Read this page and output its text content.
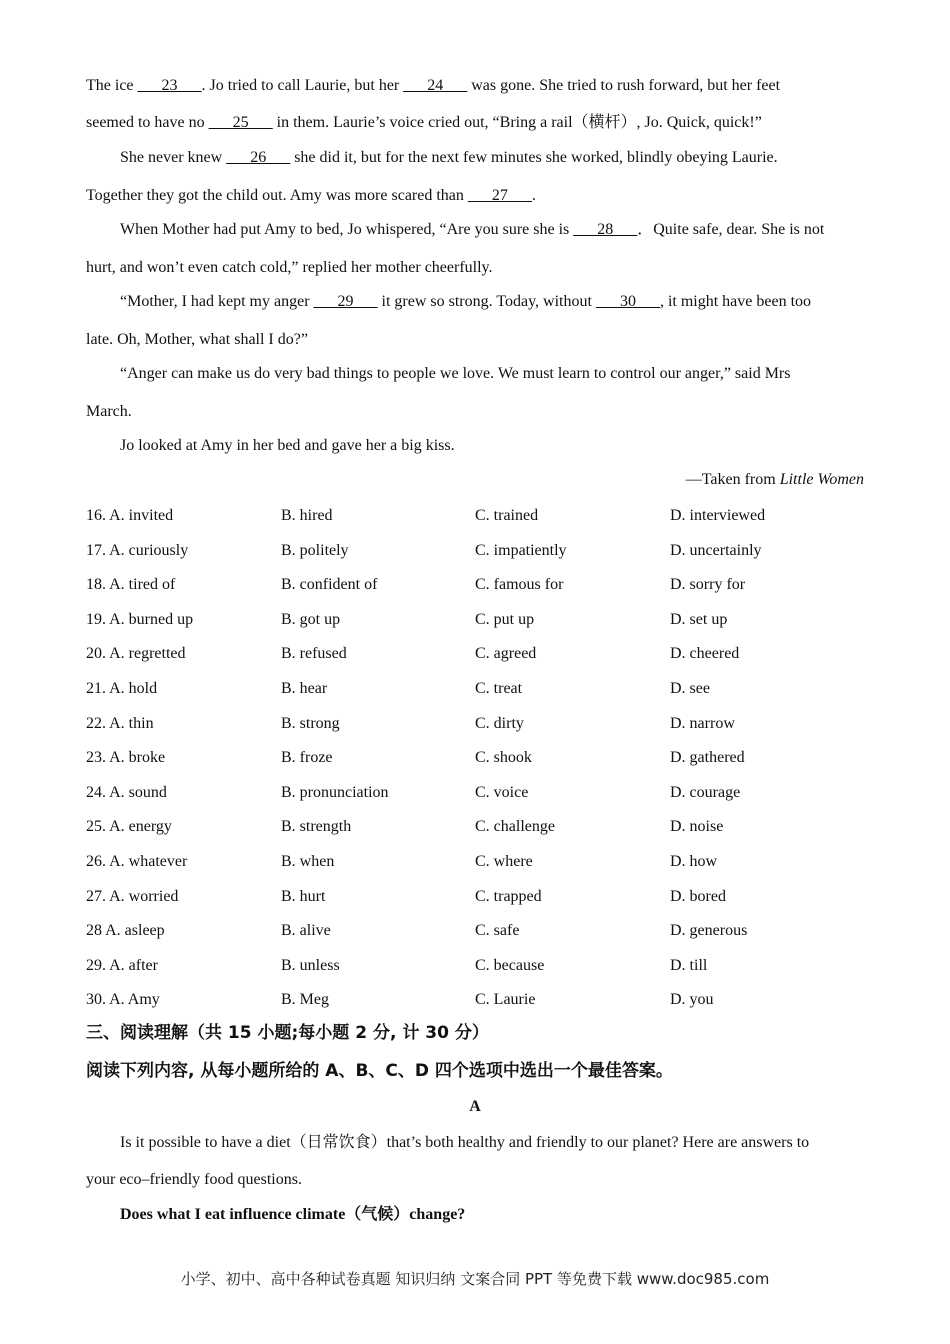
The ice ___23___. Jo tried to call Laurie, but her ___24___ was gone. She tried to rush forward, but her feet
seemed to have no ___25___ in them. Laurie’s voice cried out, “Bring a rail（横杆）, Jo. Quick, quick!”
She never knew ___26___ she did it, but for the next few minutes she worked, blindly obeying Laurie.
Together they got the child out. Amy was more scared than ___27___.
When Mother had put Amy to bed, Jo whispered, “Are you sure she is ___28___．Quite safe, dear. She is not
hurt, and won’t even catch cold,” replied her mother cheerfully.
“Mother, I had kept my anger ___29___ it grew so strong. Today, without ___30___, it might have been too
late. Oh, Mother, what shall I do?”
“Anger can make us do very bad things to people we love. We must learn to control our anger,” said Mrs
March.
Jo looked at Amy in her bed and gave her a big kiss.
—Taken from Little Women
16. A. invited	B. hired	C. trained	D. interviewed
17. A. curiously	B. politely	C. impatiently	D. uncertainly
18. A. tired of	B. confident of	C. famous for	D. sorry for
19. A. burned up	B. got up	C. put up	D. set up
20. A. regretted	B. refused	C. agreed	D. cheered
21. A. hold	B. hear	C. treat	D. see
22. A. thin	B. strong	C. dirty	D. narrow
23. A. broke	B. froze	C. shook	D. gathered
24. A. sound	B. pronunciation	C. voice	D. courage
25. A. energy	B. strength	C. challenge	D. noise
26. A. whatever	B. when	C. where	D. how
27. A. worried	B. hurt	C. trapped	D. bored
28 A. asleep	B. alive	C. safe	D. generous
29. A. after	B. unless	C. because	D. till
30. A. Amy	B. Meg	C. Laurie	D. you
三、阅读理解（共 15 小题;每小题 2 分, 计 30 分）
阅读下列内容, 从每小题所给的 A、B、C、D 四个选项中选出一个最佳答案。
A
Is it possible to have a diet（日常饮食）that’s both healthy and friendly to our planet? Here are answers to
your eco–friendly food questions.
Does what I eat influence climate（气候）change?
小学、初中、高中各种试卷真题 知识归纳 文案合同 PPT 等免费下载 www.doc985.com
